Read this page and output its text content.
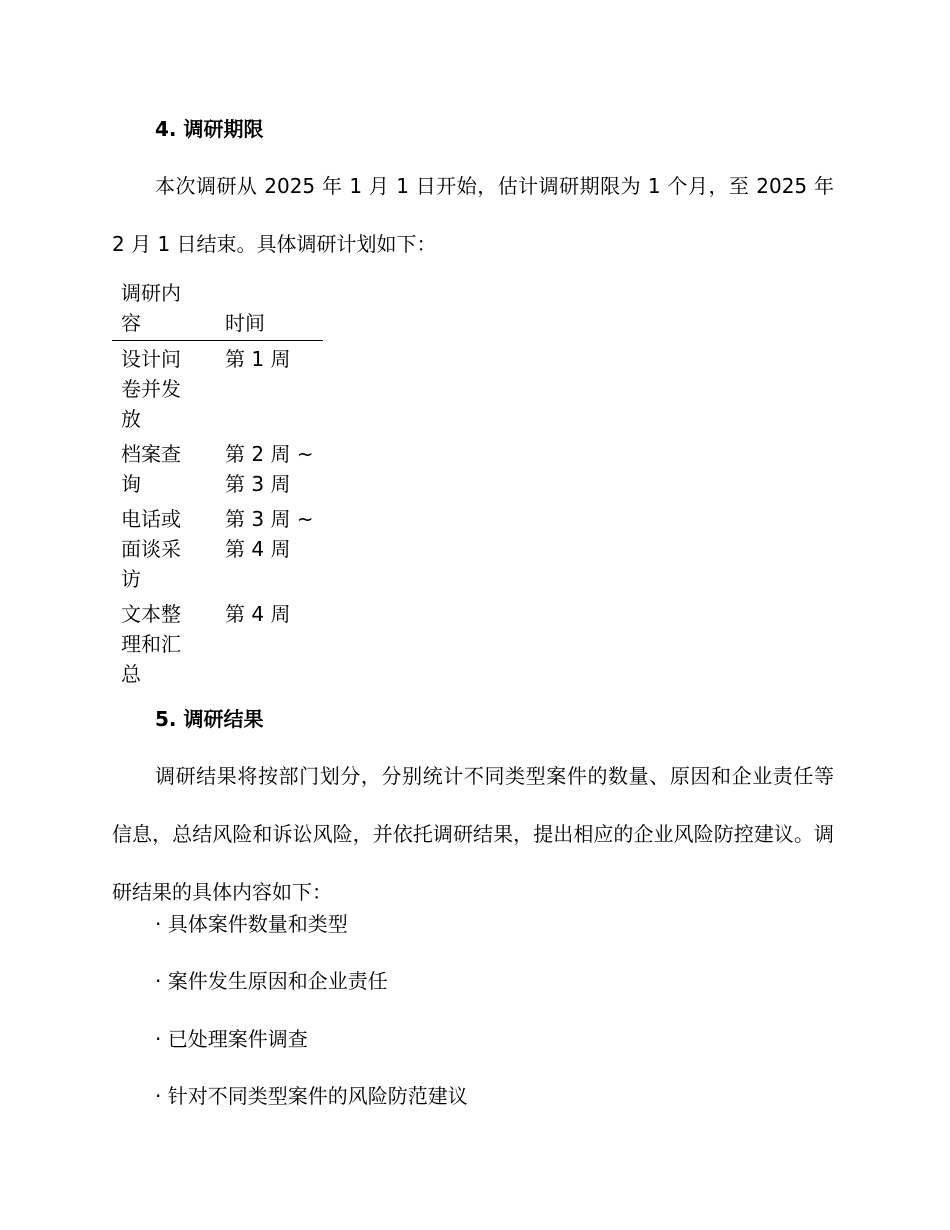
4. 调研期限

本次调研从 2025 年 1 月 1 日开始，估计调研期限为 1 个月，至 2025 年 2 月 1 日结束。具体调研计划如下：

调研内容	时间

设计问卷并发放	第 1 周

档案查询	第 2 周 ~ 第 3 周

电话或面谈采访	第 3 周 ~ 第 4 周

文本整理和汇总	第 4 周
5. 调研结果

调研结果将按部门划分，分别统计不同类型案件的数量、原因和企业责任等信息，总结风险和诉讼风险，并依托调研结果，提出相应的企业风险防控建议。调研结果的具体内容如下：

· 具体案件数量和类型
· 案件发生原因和企业责任
· 已处理案件调查
· 针对不同类型案件的风险防范建议
